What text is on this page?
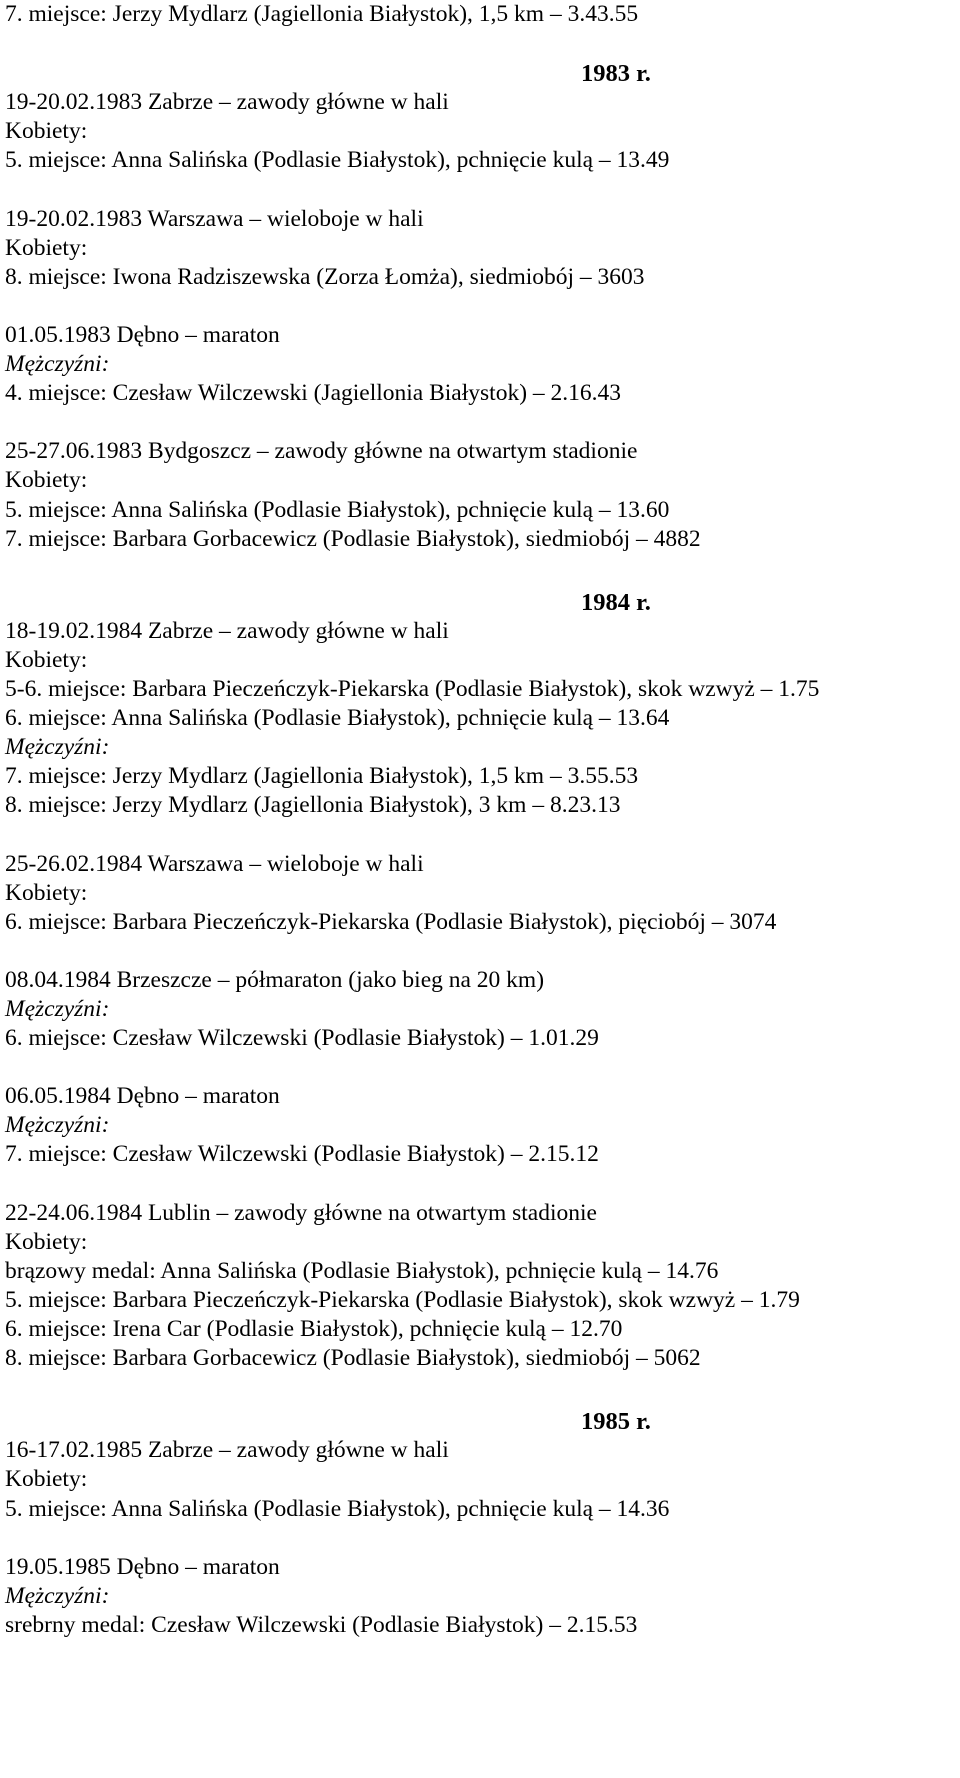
7. miejsce: Jerzy Mydlarz (Jagiellonia Białystok), 1,5 km – 3.43.55
1983 r.
19-20.02.1983 Zabrze – zawody główne w hali
Kobiety:
5. miejsce: Anna Salińska (Podlasie Białystok), pchnięcie kulą – 13.49
19-20.02.1983 Warszawa – wieloboje w hali
Kobiety:
8. miejsce: Iwona Radziszewska (Zorza Łomża), siedmiobój – 3603
01.05.1983 Dębno – maraton
Mężczyźni:
4. miejsce: Czesław Wilczewski (Jagiellonia Białystok) – 2.16.43
25-27.06.1983 Bydgoszcz – zawody główne na otwartym stadionie
Kobiety:
5. miejsce: Anna Salińska (Podlasie Białystok), pchnięcie kulą – 13.60
7. miejsce: Barbara Gorbacewicz (Podlasie Białystok), siedmiobój – 4882
1984 r.
18-19.02.1984 Zabrze – zawody główne w hali
Kobiety:
5-6. miejsce: Barbara Pieczeńczyk-Piekarska (Podlasie Białystok), skok wzwyż – 1.75
6. miejsce: Anna Salińska (Podlasie Białystok), pchnięcie kulą – 13.64
Mężczyźni:
7. miejsce: Jerzy Mydlarz (Jagiellonia Białystok), 1,5 km – 3.55.53
8. miejsce: Jerzy Mydlarz (Jagiellonia Białystok), 3 km – 8.23.13
25-26.02.1984 Warszawa – wieloboje w hali
Kobiety:
6. miejsce: Barbara Pieczeńczyk-Piekarska (Podlasie Białystok), pięciobój – 3074
08.04.1984 Brzeszcze – półmaraton (jako bieg na 20 km)
Mężczyźni:
6. miejsce: Czesław Wilczewski (Podlasie Białystok) – 1.01.29
06.05.1984 Dębno – maraton
Mężczyźni:
7. miejsce: Czesław Wilczewski (Podlasie Białystok) – 2.15.12
22-24.06.1984 Lublin – zawody główne na otwartym stadionie
Kobiety:
brązowy medal: Anna Salińska (Podlasie Białystok), pchnięcie kulą – 14.76
5. miejsce: Barbara Pieczeńczyk-Piekarska (Podlasie Białystok), skok wzwyż – 1.79
6. miejsce: Irena Car (Podlasie Białystok), pchnięcie kulą – 12.70
8. miejsce: Barbara Gorbacewicz (Podlasie Białystok), siedmiobój – 5062
1985 r.
16-17.02.1985 Zabrze – zawody główne w hali
Kobiety:
5. miejsce: Anna Salińska (Podlasie Białystok), pchnięcie kulą – 14.36
19.05.1985 Dębno – maraton
Mężczyźni:
srebrny medal: Czesław Wilczewski (Podlasie Białystok) – 2.15.53
